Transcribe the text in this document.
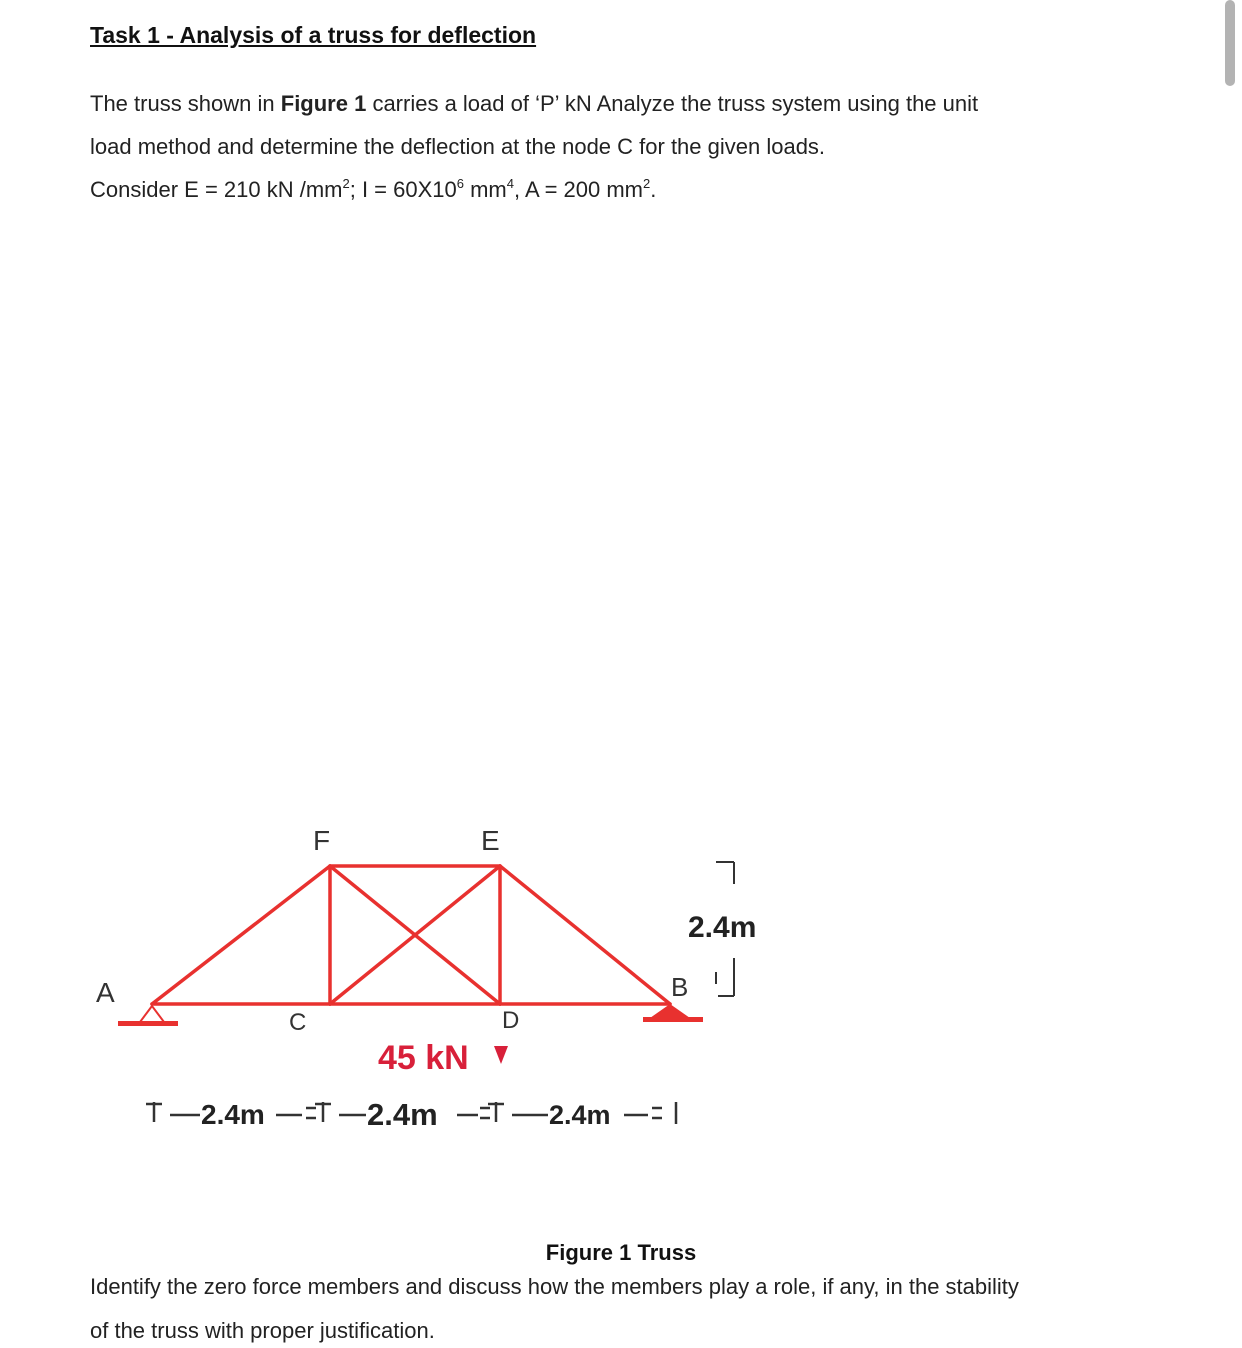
Task 1 - Analysis of a truss for deflection
The truss shown in Figure 1 carries a load of ‘P’ kN Analyze the truss system using the unit
load method and determine the deflection at the node C for the given loads.
Consider E = 210 kN $/mm^2$; $I = 60X10^6$ $mm^4$, A = 200 $mm^2$.
A
F	E
B
C	D
45 kN
2.4m
2.4m	2.4m	2.4m
Figure 1 Truss
Identify the zero force members and discuss how the members play a role, if any, in the stability
of the truss with proper justification.
